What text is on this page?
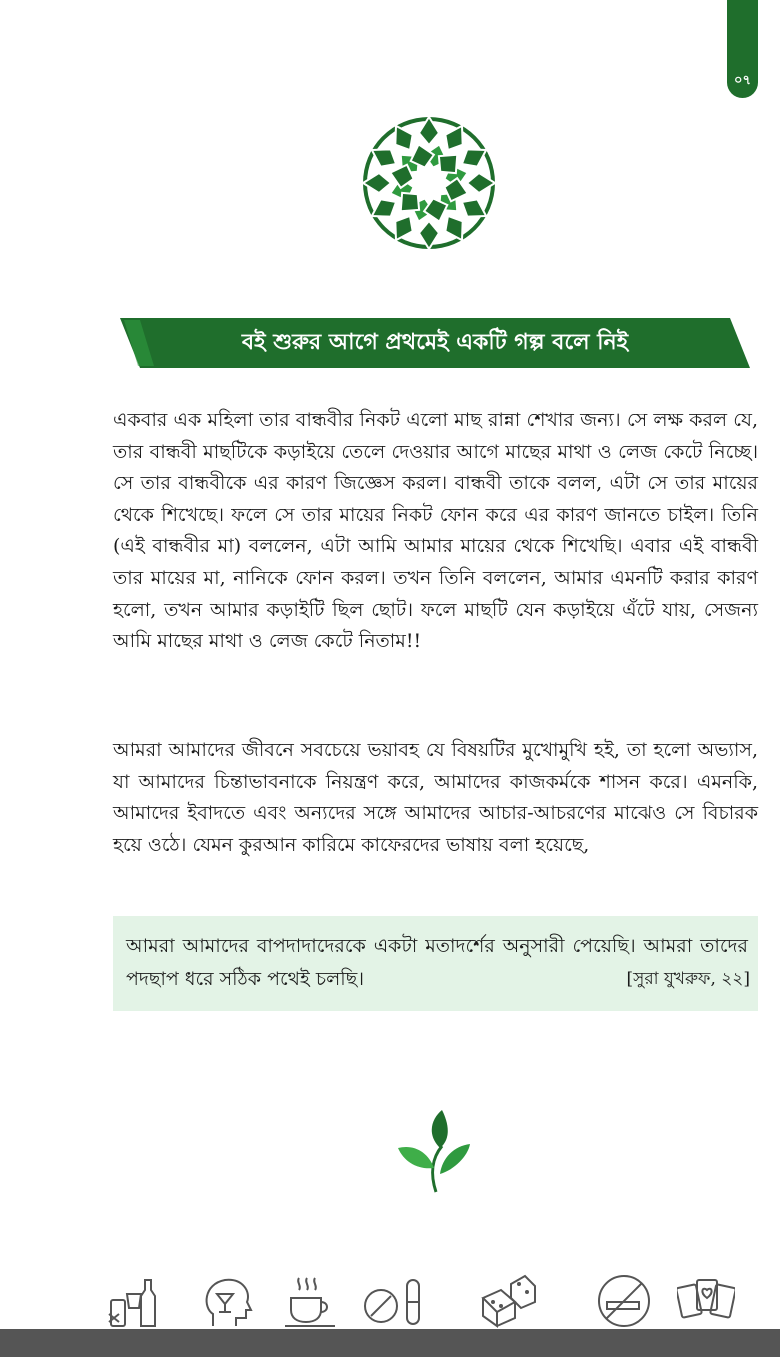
০৭
বই শুরুর আগে প্রথমেই একটি গল্প বলে নিই

একবার এক মহিলা তার বান্ধবীর নিকট এলো মাছ রান্না শেখার জন্য। সে লক্ষ করল যে, তার বান্ধবী মাছটিকে কড়াইয়ে তেলে দেওয়ার আগে মাছের মাথা ও লেজ কেটে নিচ্ছে। সে তার বান্ধবীকে এর কারণ জিজ্ঞেস করল। বান্ধবী তাকে বলল, এটা সে তার মায়ের থেকে শিখেছে। ফলে সে তার মায়ের নিকট ফোন করে এর কারণ জানতে চাইল। তিনি (এই বান্ধবীর মা) বললেন, এটা আমি আমার মায়ের থেকে শিখেছি। এবার এই বান্ধবী তার মায়ের মা, নানিকে ফোন করল। তখন তিনি বললেন, আমার এমনটি করার কারণ হলো, তখন আমার কড়াইটি ছিল ছোট। ফলে মাছটি যেন কড়াইয়ে এঁটে যায়, সেজন্য আমি মাছের মাথা ও লেজ কেটে নিতাম!!

আমরা আমাদের জীবনে সবচেয়ে ভয়াবহ যে বিষয়টির মুখোমুখি হই, তা হলো অভ্যাস, যা আমাদের চিন্তাভাবনাকে নিয়ন্ত্রণ করে, আমাদের কাজকর্মকে শাসন করে। এমনকি, আমাদের ইবাদতে এবং অন্যদের সঙ্গে আমাদের আচার-আচরণের মাঝেও সে বিচারক হয়ে ওঠে। যেমন কুরআন কারিমে কাফেরদের ভাষায় বলা হয়েছে,

আমরা আমাদের বাপদাদাদেরকে একটা মতাদর্শের অনুসারী পেয়েছি। আমরা তাদের পদছাপ ধরে সঠিক পথেই চলছি।	[সুরা যুখরুফ, ২২]
